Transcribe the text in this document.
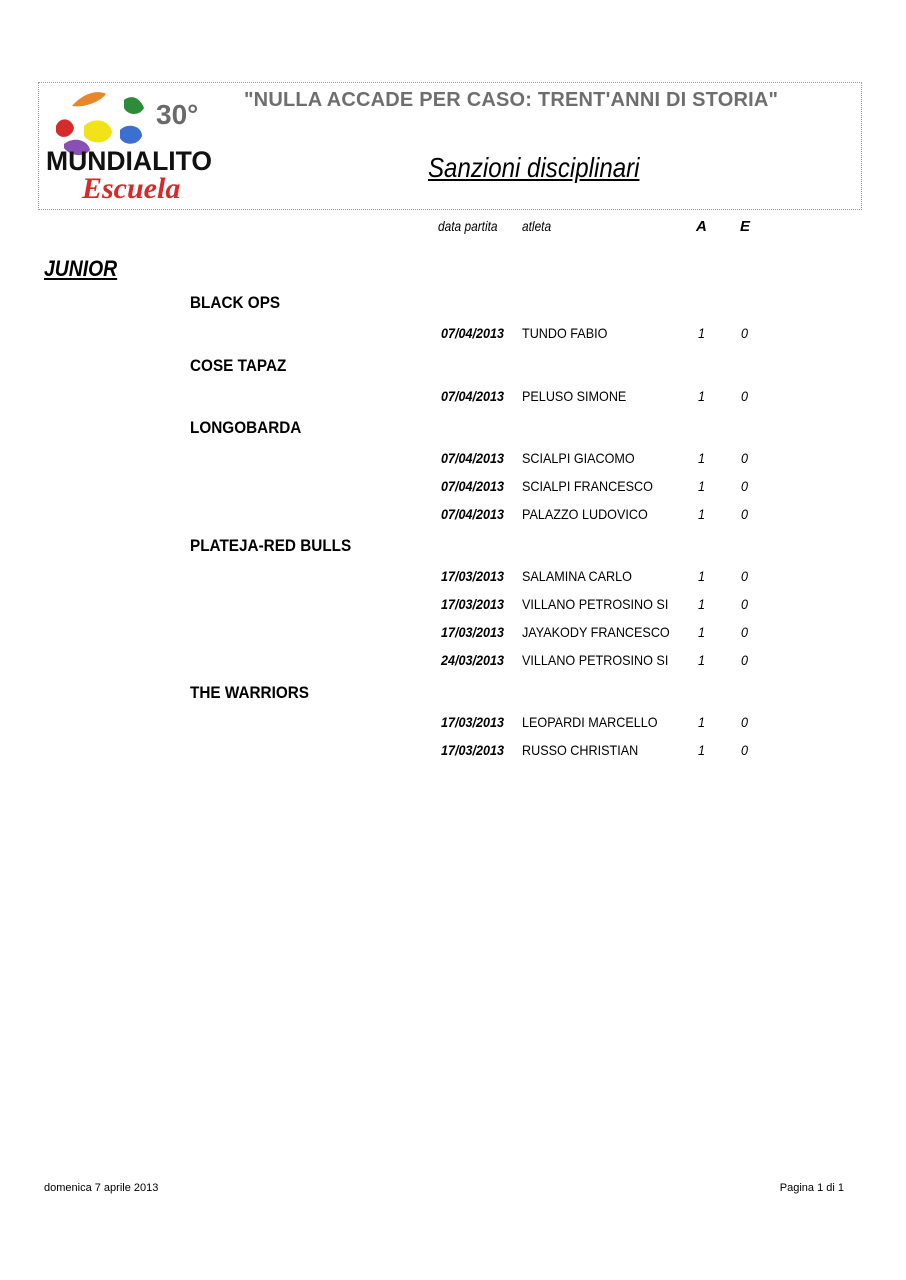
30°
MUNDIALITO
Escuela
"NULLA ACCADE PER CASO: TRENT'ANNI DI STORIA"
Sanzioni disciplinari
data partita atleta	A E
JUNIOR
BLACK OPS
07/04/2013 TUNDO FABIO	1	0
COSE TAPAZ
07/04/2013 PELUSO SIMONE	1	0
LONGOBARDA
07/04/2013 SCIALPI GIACOMO	1	0
07/04/2013 SCIALPI FRANCESCO	1	0
07/04/2013 PALAZZO LUDOVICO	1	0
PLATEJA-RED BULLS
17/03/2013 SALAMINA CARLO	1	0
17/03/2013 VILLANO PETROSINO SI 1	0
17/03/2013 JAYAKODY FRANCESCO 1	0
24/03/2013 VILLANO PETROSINO SI 1	0
THE WARRIORS
17/03/2013 LEOPARDI MARCELLO	1	0
17/03/2013 RUSSO CHRISTIAN	1	0
domenica 7 aprile 2013	Pagina 1 di 1
